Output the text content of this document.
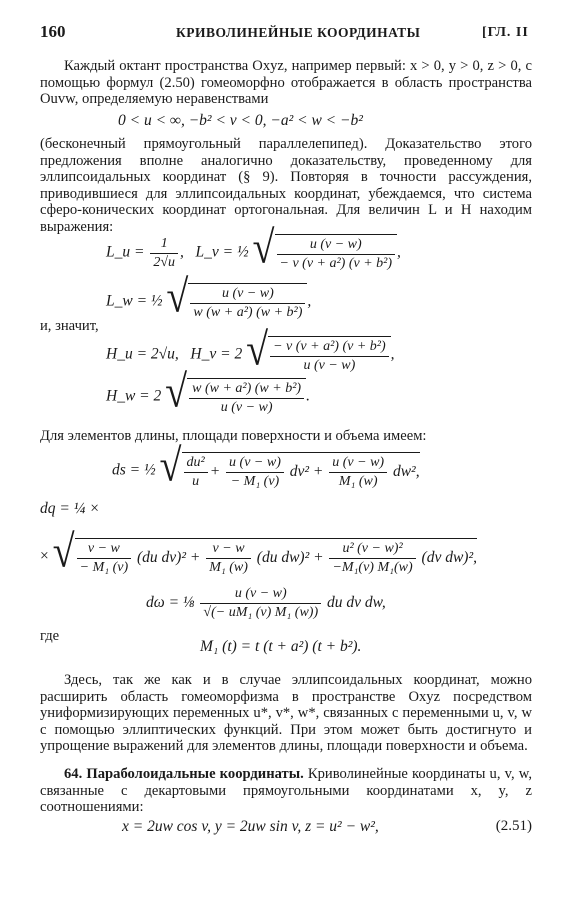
160	КРИВОЛИНЕЙНЫЕ КООРДИНАТЫ	[ГЛ. II
Каждый октант пространства Oxyz, например первый: x > 0, y > 0, z > 0, с помощью формул (2.50) гомеоморфно отображается в область пространства Ouvw, определяемую неравенствами
0 < u < ∞, −b² < v < 0, −a² < w < −b²
(бесконечный прямоугольный параллелепипед). Доказательство этого предложения вполне аналогично доказательству, проведенному для эллипсоидальных координат (§ 9). Повторяя в точности рассуждения, приводившиеся для эллипсоидальных координат, убеждаемся, что система сферо-конических координат ортогональная. Для величин L и H находим выражения:
L_u = $\frac{1}{2√u}$ ,   L_v = ½ √ $\frac{u (v - w)}{\text{− v (v + a²) (v + b²)}}$ ,
L_w = ½ √ $\frac{u (v - w)}{\text{w (w + a²) (w + b²)}}$ ,
и, значит,
H_u = 2√u, H_v = 2 √ $\frac{\text{− v (v + a²) (v + b²)}}{u (v - w)}$ ,
H_w = 2 √ $\frac{\text{w (w + a²) (w + b²)}}{u (v - w)}$ .
Для элементов длины, площади поверхности и объема имеем:
ds = ½ √ $\frac{\text{du²}}{u} + \frac{u (v - w)}{\text{− M₁ (v)}} dv^2 + \frac{u (v - w)}{\text{M₁ (w)}} dw^2$,
dq = ¼ ×
× √ $\frac{v - w}{\text{− M₁ (v)}} (du$ $dv)^2 + \frac{v - w}{\text{M₁ (w)}} (du$ $dw)^2 + \frac{\text{u² (v − w)²}}{\text{−M₁(v) M₁(w)}} (dv$ dw)²,
dω = ⅛ $\frac{u (v - w)}{\text{√(− uM₁ (v) M₁ (w))}}$ du dv dw,
где
M₁ (t) = t (t + a²) (t + b²).
Здесь, так же как и в случае эллипсоидальных координат, можно расширить область гомеоморфизма в пространстве Oxyz посредством униформизирующих переменных u*, v*, w*, связанных с переменными u, v, w с помощью эллиптических функций. При этом может быть достигнуто и упрощение выражений для элементов длины, площади поверхности и объема.
64. Параболоидальные координаты. Криволинейные координаты u, v, w, связанные с декартовыми прямоугольными координатами x, y, z соотношениями:
x = 2uw cos v, y = 2uw sin v, z = u² − w²,	(2.51)
